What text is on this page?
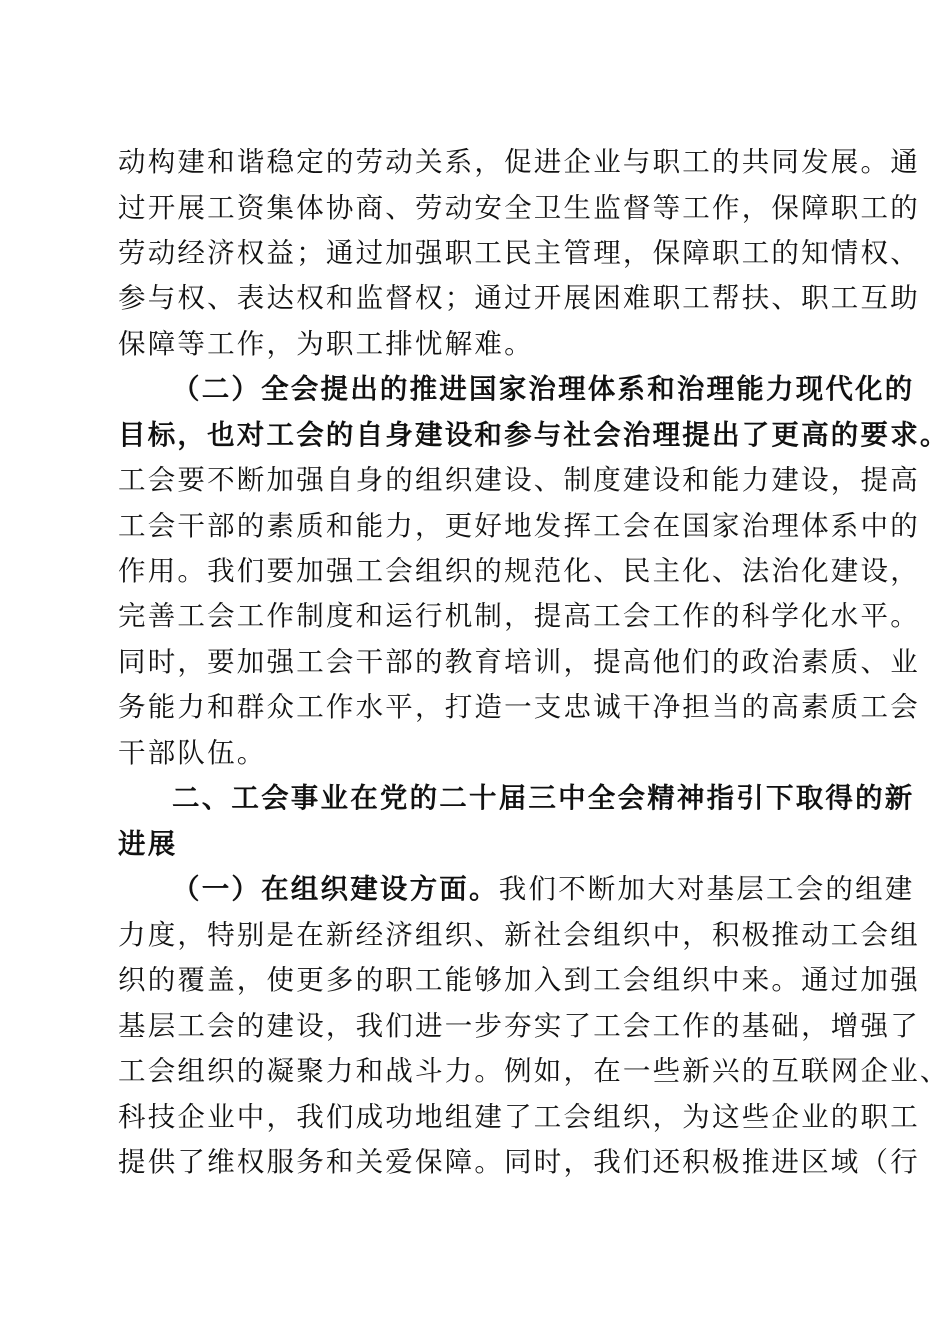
动构建和谐稳定的劳动关系，促进企业与职工的共同发展。通
过开展工资集体协商、劳动安全卫生监督等工作，保障职工的
劳动经济权益；通过加强职工民主管理，保障职工的知情权、
参与权、表达权和监督权；通过开展困难职工帮扶、职工互助
保障等工作，为职工排忧解难。
（二）全会提出的推进国家治理体系和治理能力现代化的
目标，也对工会的自身建设和参与社会治理提出了更高的要求。
工会要不断加强自身的组织建设、制度建设和能力建设，提高
工会干部的素质和能力，更好地发挥工会在国家治理体系中的
作用。我们要加强工会组织的规范化、民主化、法治化建设，
完善工会工作制度和运行机制，提高工会工作的科学化水平。
同时，要加强工会干部的教育培训，提高他们的政治素质、业
务能力和群众工作水平，打造一支忠诚干净担当的高素质工会
干部队伍。
二、工会事业在党的二十届三中全会精神指引下取得的新
进展
（一）在组织建设方面。我们不断加大对基层工会的组建
力度，特别是在新经济组织、新社会组织中，积极推动工会组
织的覆盖，使更多的职工能够加入到工会组织中来。通过加强
基层工会的建设，我们进一步夯实了工会工作的基础，增强了
工会组织的凝聚力和战斗力。例如，在一些新兴的互联网企业、
科技企业中，我们成功地组建了工会组织，为这些企业的职工
提供了维权服务和关爱保障。同时，我们还积极推进区域（行
